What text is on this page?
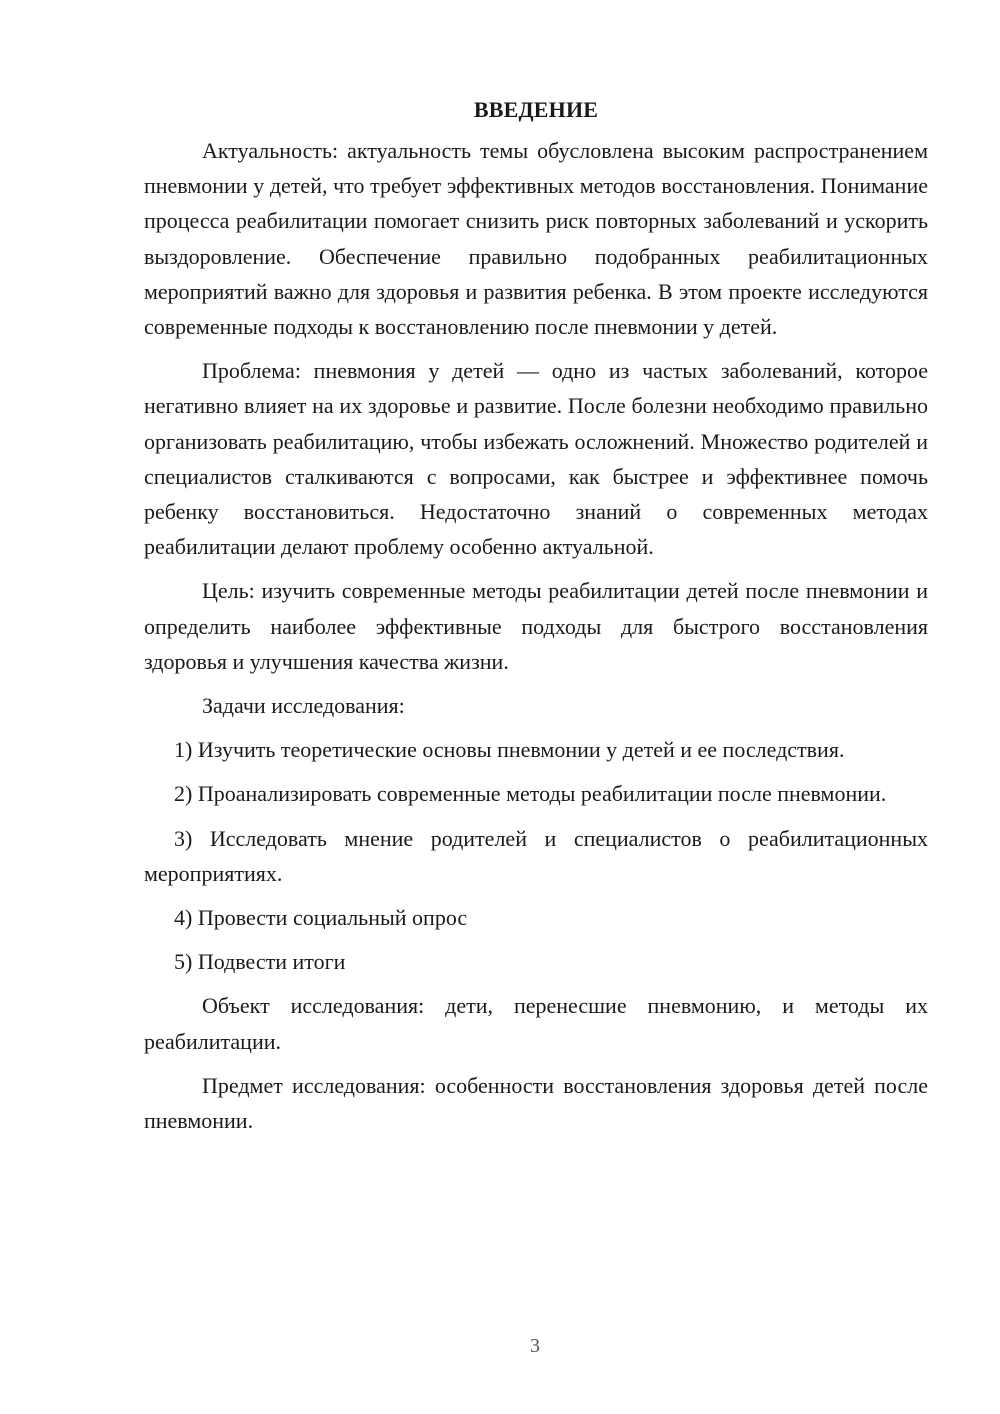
ВВЕДЕНИЕ

Актуальность: актуальность темы обусловлена высоким распространением пневмонии у детей, что требует эффективных методов восстановления. Понимание процесса реабилитации помогает снизить риск повторных заболеваний и ускорить выздоровление. Обеспечение правильно подобранных реабилитационных мероприятий важно для здоровья и развития ребенка. В этом проекте исследуются современные подходы к восстановлению после пневмонии у детей.

Проблема: пневмония у детей — одно из частых заболеваний, которое негативно влияет на их здоровье и развитие. После болезни необходимо правильно организовать реабилитацию, чтобы избежать осложнений. Множество родителей и специалистов сталкиваются с вопросами, как быстрее и эффективнее помочь ребенку восстановиться. Недостаточно знаний о современных методах реабилитации делают проблему особенно актуальной.

Цель: изучить современные методы реабилитации детей после пневмонии и определить наиболее эффективные подходы для быстрого восстановления здоровья и улучшения качества жизни.

Задачи исследования:

1) Изучить теоретические основы пневмонии у детей и ее последствия.

2) Проанализировать современные методы реабилитации после пневмонии.

3) Исследовать мнение родителей и специалистов о реабилитационных мероприятиях.

4) Провести социальный опрос

5) Подвести итоги

Объект исследования: дети, перенесшие пневмонию, и методы их реабилитации.

Предмет исследования: особенности восстановления здоровья детей после пневмонии.

3
